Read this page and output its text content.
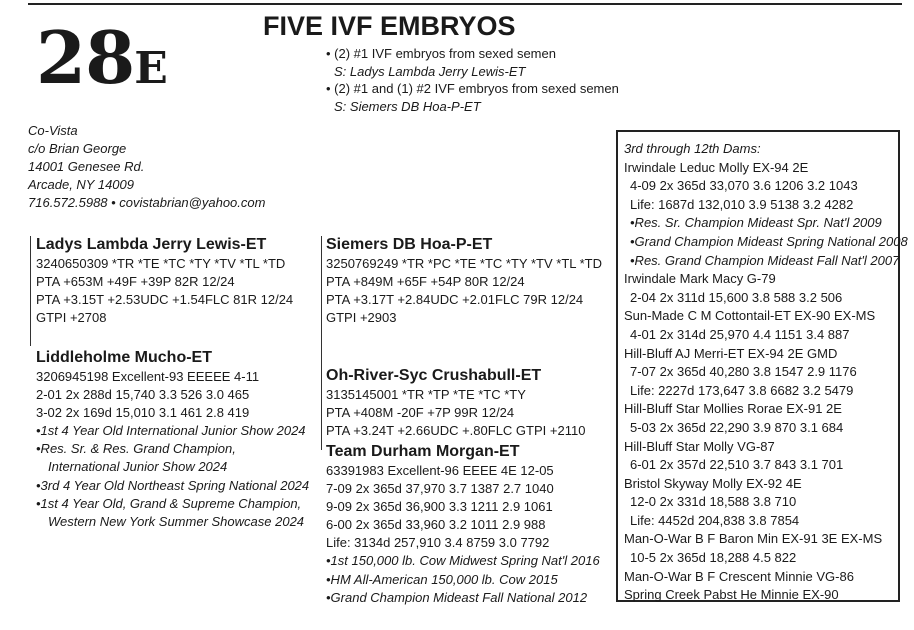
28E
FIVE IVF EMBRYOS
• (2) #1 IVF embryos from sexed semen
S: Ladys Lambda Jerry Lewis-ET
• (2) #1 and (1) #2 IVF embryos from sexed semen
S: Siemers DB Hoa-P-ET
Co-Vista
c/o Brian George
14001 Genesee Rd.
Arcade, NY 14009
716.572.5988 • covistabrian@yahoo.com
Ladys Lambda Jerry Lewis-ET
3240650309 *TR *TE *TC *TY *TV *TL *TD
PTA +653M +49F +39P 82R 12/24
PTA +3.15T +2.53UDC +1.54FLC 81R 12/24
GTPI +2708
Liddleholme Mucho-ET
3206945198 Excellent-93 EEEEE 4-11
2-01 2x 288d 15,740 3.3 526 3.0 465
3-02 2x 169d 15,010 3.1 461 2.8 419
•1st 4 Year Old International Junior Show 2024
•Res. Sr. & Res. Grand Champion,
International Junior Show 2024
•3rd 4 Year Old Northeast Spring National 2024
•1st 4 Year Old, Grand & Supreme Champion,
Western New York Summer Showcase 2024
Siemers DB Hoa-P-ET
3250769249 *TR *PC *TE *TC *TY *TV *TL *TD
PTA +849M +65F +54P 80R 12/24
PTA +3.17T +2.84UDC +2.01FLC 79R 12/24
GTPI +2903
Oh-River-Syc Crushabull-ET
3135145001 *TR *TP *TE *TC *TY
PTA +408M -20F +7P 99R 12/24
PTA +3.24T +2.66UDC +.80FLC GTPI +2110
Team Durham Morgan-ET
63391983 Excellent-96 EEEE 4E 12-05
7-09 2x 365d 37,970 3.7 1387 2.7 1040
9-09 2x 365d 36,900 3.3 1211 2.9 1061
6-00 2x 365d 33,960 3.2 1011 2.9 988
Life: 3134d 257,910 3.4 8759 3.0 7792
•1st 150,000 lb. Cow Midwest Spring Nat'l 2016
•HM All-American 150,000 lb. Cow 2015
•Grand Champion Mideast Fall National 2012
3rd through 12th Dams:
Irwindale Leduc Molly EX-94 2E
4-09 2x 365d 33,070 3.6 1206 3.2 1043
Life: 1687d 132,010 3.9 5138 3.2 4282
•Res. Sr. Champion Mideast Spr. Nat'l 2009
•Grand Champion Mideast Spring National 2008
•Res. Grand Champion Mideast Fall Nat'l 2007
Irwindale Mark Macy G-79
2-04 2x 311d 15,600 3.8 588 3.2 506
Sun-Made C M Cottontail-ET EX-90 EX-MS
4-01 2x 314d 25,970 4.4 1151 3.4 887
Hill-Bluff AJ Merri-ET EX-94 2E GMD
7-07 2x 365d 40,280 3.8 1547 2.9 1176
Life: 2227d 173,647 3.8 6682 3.2 5479
Hill-Bluff Star Mollies Rorae EX-91 2E
5-03 2x 365d 22,290 3.9 870 3.1 684
Hill-Bluff Star Molly VG-87
6-01 2x 357d 22,510 3.7 843 3.1 701
Bristol Skyway Molly EX-92 4E
12-0 2x 331d 18,588 3.8 710
Life: 4452d 204,838 3.8 7854
Man-O-War B F Baron Min EX-91 3E EX-MS
10-5 2x 365d 18,288 4.5 822
Man-O-War B F Crescent Minnie VG-86
Spring Creek Pabst He Minnie EX-90
